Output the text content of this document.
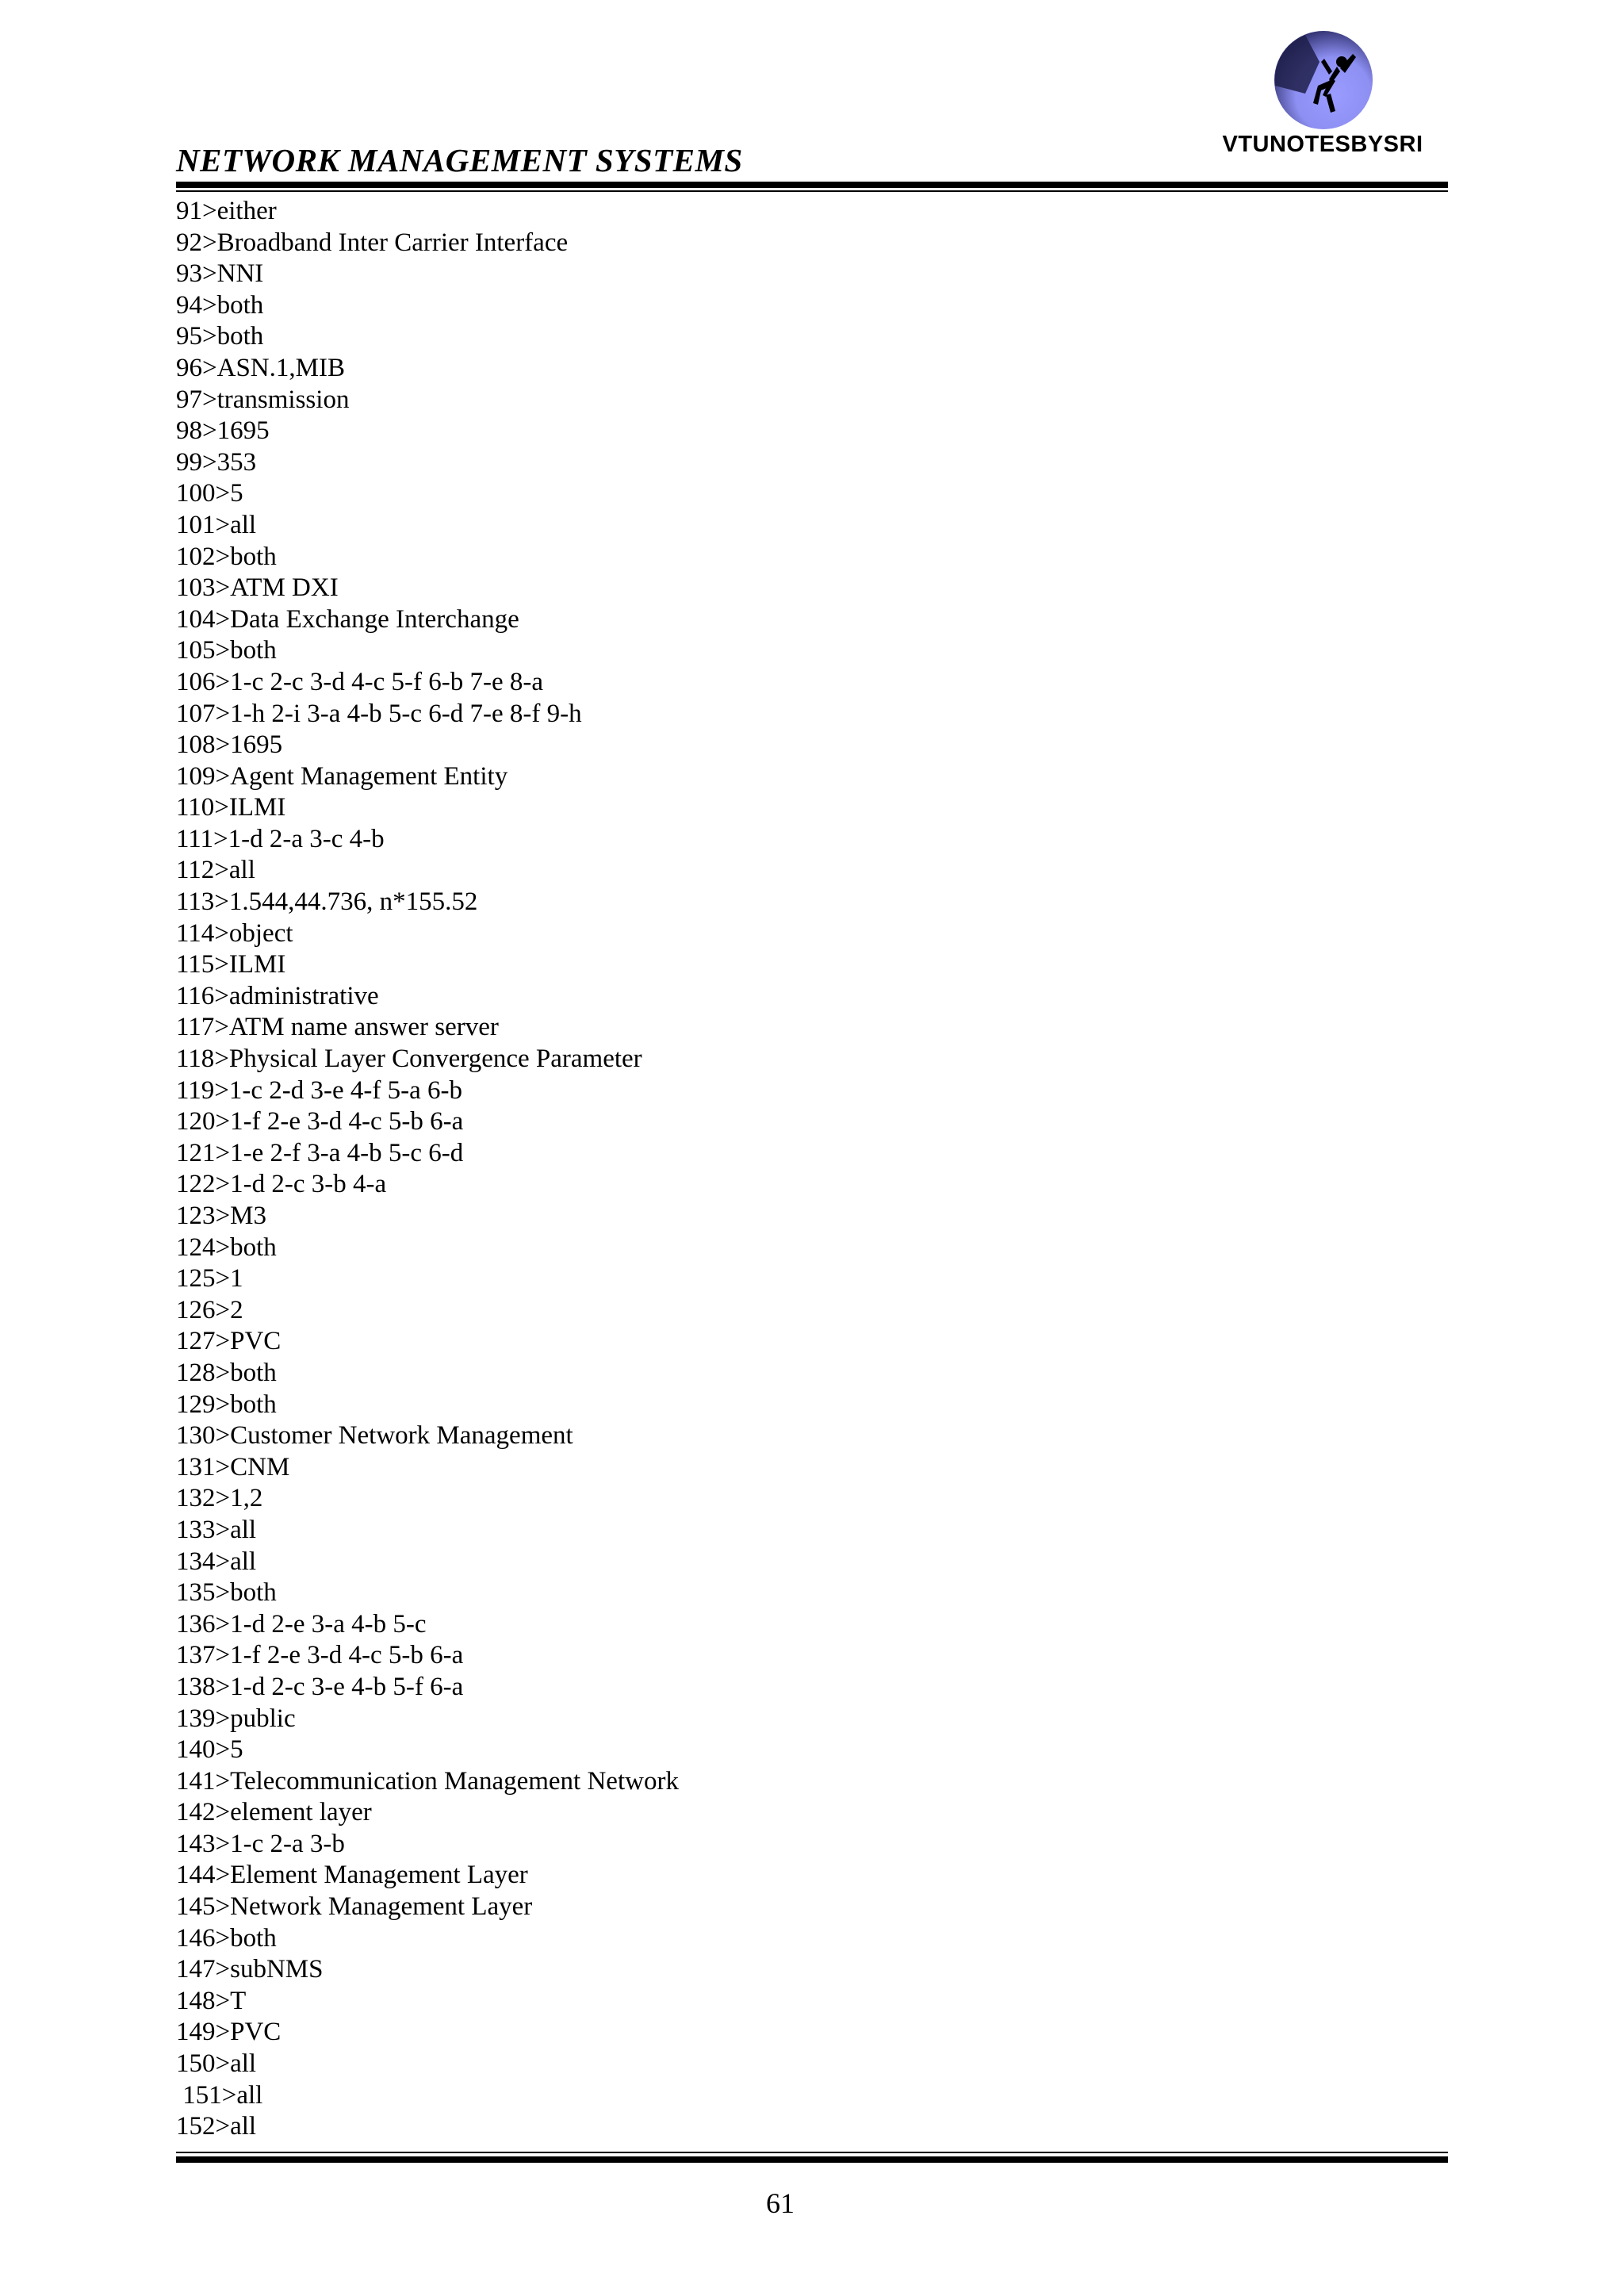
VTUNOTESBYSRI
NETWORK MANAGEMENT SYSTEMS
91>either
92>Broadband Inter Carrier Interface
93>NNI
94>both
95>both
96>ASN.1,MIB
97>transmission
98>1695
99>353
100>5
101>all
102>both
103>ATM DXI
104>Data Exchange Interchange
105>both
106>1-c 2-c 3-d 4-c 5-f 6-b 7-e 8-a
107>1-h 2-i 3-a 4-b 5-c 6-d 7-e 8-f 9-h
108>1695
109>Agent Management Entity
110>ILMI
111>1-d 2-a 3-c 4-b
112>all
113>1.544,44.736, n*155.52
114>object
115>ILMI
116>administrative
117>ATM name answer server
118>Physical Layer Convergence Parameter
119>1-c 2-d 3-e 4-f 5-a 6-b
120>1-f 2-e 3-d 4-c 5-b 6-a
121>1-e 2-f 3-a 4-b 5-c 6-d
122>1-d 2-c 3-b 4-a
123>M3
124>both
125>1
126>2
127>PVC
128>both
129>both
130>Customer Network Management
131>CNM
132>1,2
133>all
134>all
135>both
136>1-d 2-e 3-a 4-b 5-c
137>1-f 2-e 3-d 4-c 5-b 6-a
138>1-d 2-c 3-e 4-b 5-f 6-a
139>public
140>5
141>Telecommunication Management Network
142>element layer
143>1-c 2-a 3-b
144>Element Management Layer
145>Network Management Layer
146>both
147>subNMS
148>T
149>PVC
150>all
151>all
152>all
61
